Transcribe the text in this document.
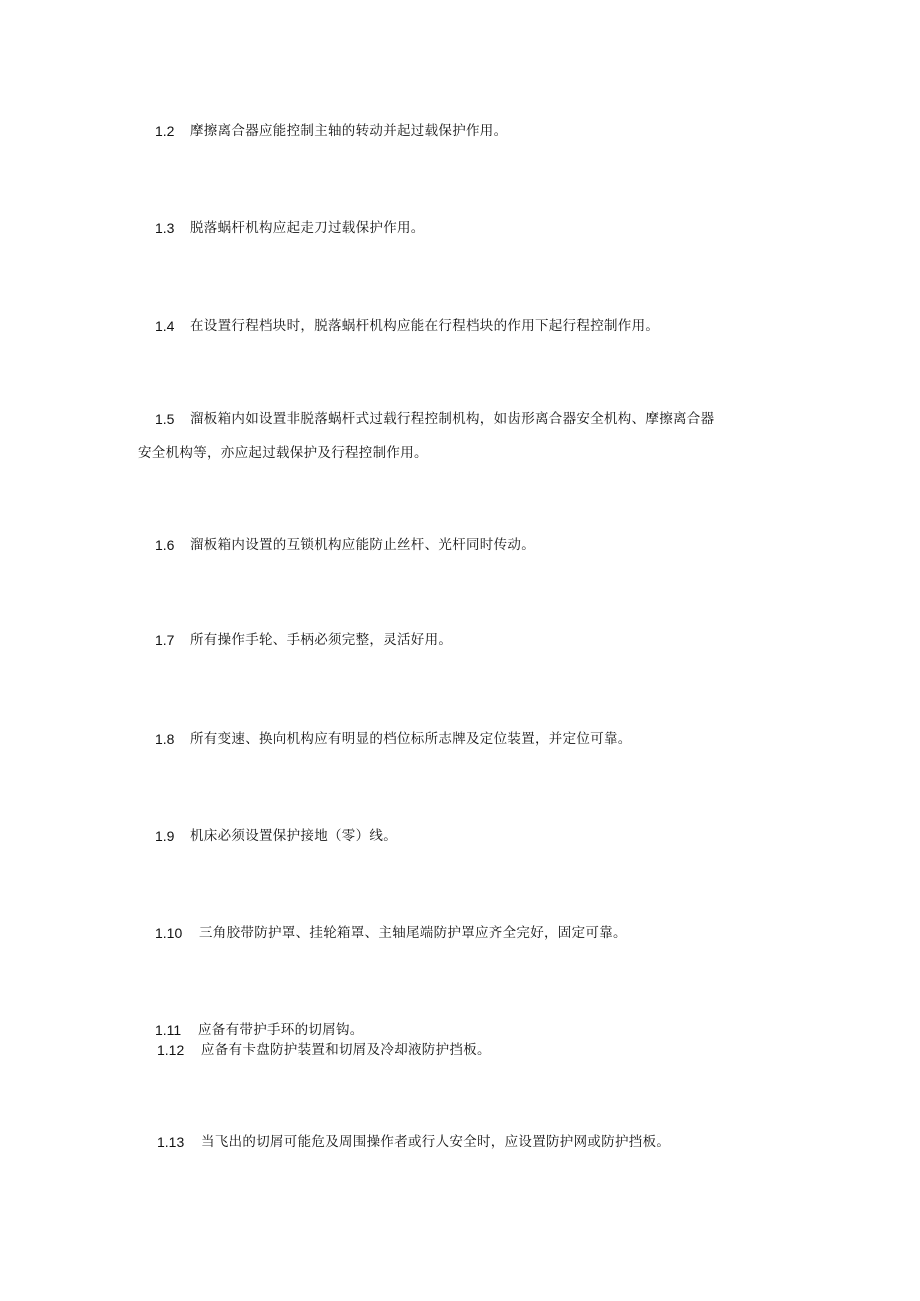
1.2 摩擦离合器应能控制主轴的转动并起过载保护作用。
1.3 脱落蜗杆机构应起走刀过载保护作用。
1.4 在设置行程档块时，脱落蜗杆机构应能在行程档块的作用下起行程控制作用。
1.5 溜板箱内如设置非脱落蜗杆式过载行程控制机构，如齿形离合器安全机构、摩擦离合器
安全机构等，亦应起过载保护及行程控制作用。
1.6 溜板箱内设置的互锁机构应能防止丝杆、光杆同时传动。
1.7 所有操作手轮、手柄必须完整，灵活好用。
1.8 所有变速、换向机构应有明显的档位标所志牌及定位装置，并定位可靠。
1.9 机床必须设置保护接地（零）线。
1.10 三角胶带防护罩、挂轮箱罩、主轴尾端防护罩应齐全完好，固定可靠。
1.11 应备有带护手环的切屑钩。
1.12 应备有卡盘防护装置和切屑及冷却液防护挡板。
1.13 当飞出的切屑可能危及周围操作者或行人安全时，应设置防护网或防护挡板。
